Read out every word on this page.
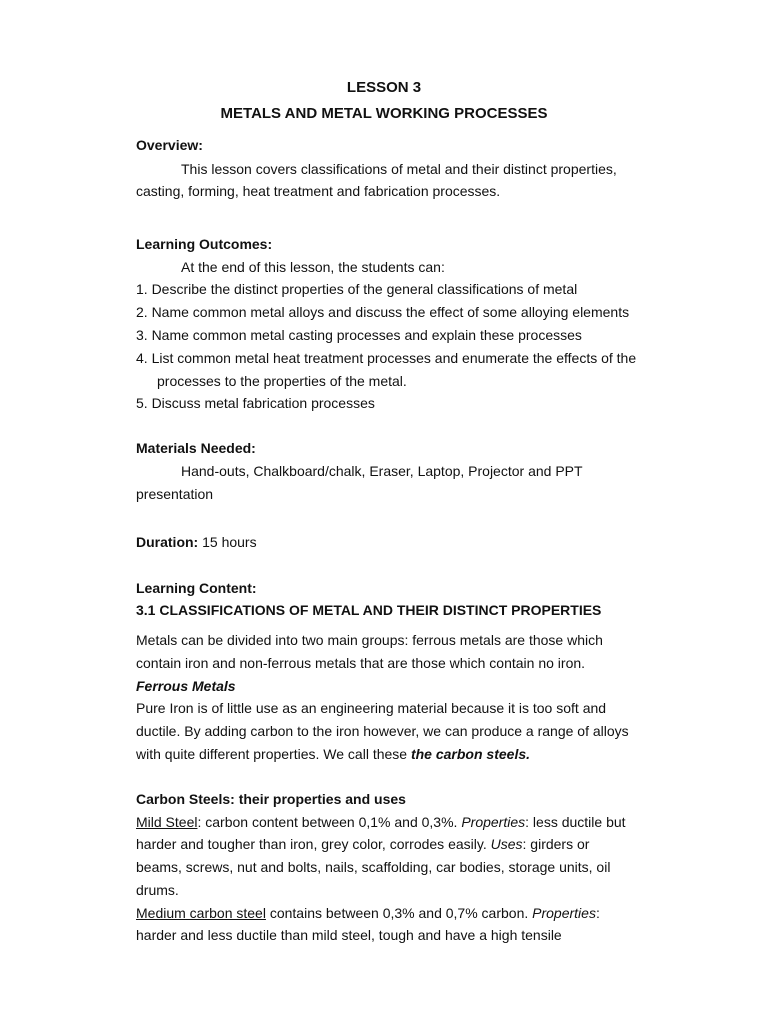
LESSON 3
METALS AND METAL WORKING PROCESSES
Overview:
This lesson covers classifications of metal and their distinct properties,
casting, forming, heat treatment and fabrication processes.
Learning Outcomes:
At the end of this lesson, the students can:
1. Describe the distinct properties of the general classifications of metal
2. Name common metal alloys and discuss the effect of some alloying elements
3. Name common metal casting processes and explain these processes
4. List common metal heat treatment processes and enumerate the effects of the
processes to the properties of the metal.
5. Discuss metal fabrication processes
Materials Needed:
Hand-outs, Chalkboard/chalk, Eraser, Laptop, Projector and PPT
presentation
Duration: 15 hours
Learning Content:
3.1 CLASSIFICATIONS OF METAL AND THEIR DISTINCT PROPERTIES
Metals can be divided into two main groups: ferrous metals are those which
contain iron and non-ferrous metals that are those which contain no iron.
Ferrous Metals
Pure Iron is of little use as an engineering material because it is too soft and
ductile. By adding carbon to the iron however, we can produce a range of alloys
with quite different properties. We call these the carbon steels.
Carbon Steels: their properties and uses
Mild Steel: carbon content between 0,1% and 0,3%. Properties: less ductile but
harder and tougher than iron, grey color, corrodes easily. Uses: girders or
beams, screws, nut and bolts, nails, scaffolding, car bodies, storage units, oil
drums.
Medium carbon steel contains between 0,3% and 0,7% carbon. Properties:
harder and less ductile than mild steel, tough and have a high tensile
